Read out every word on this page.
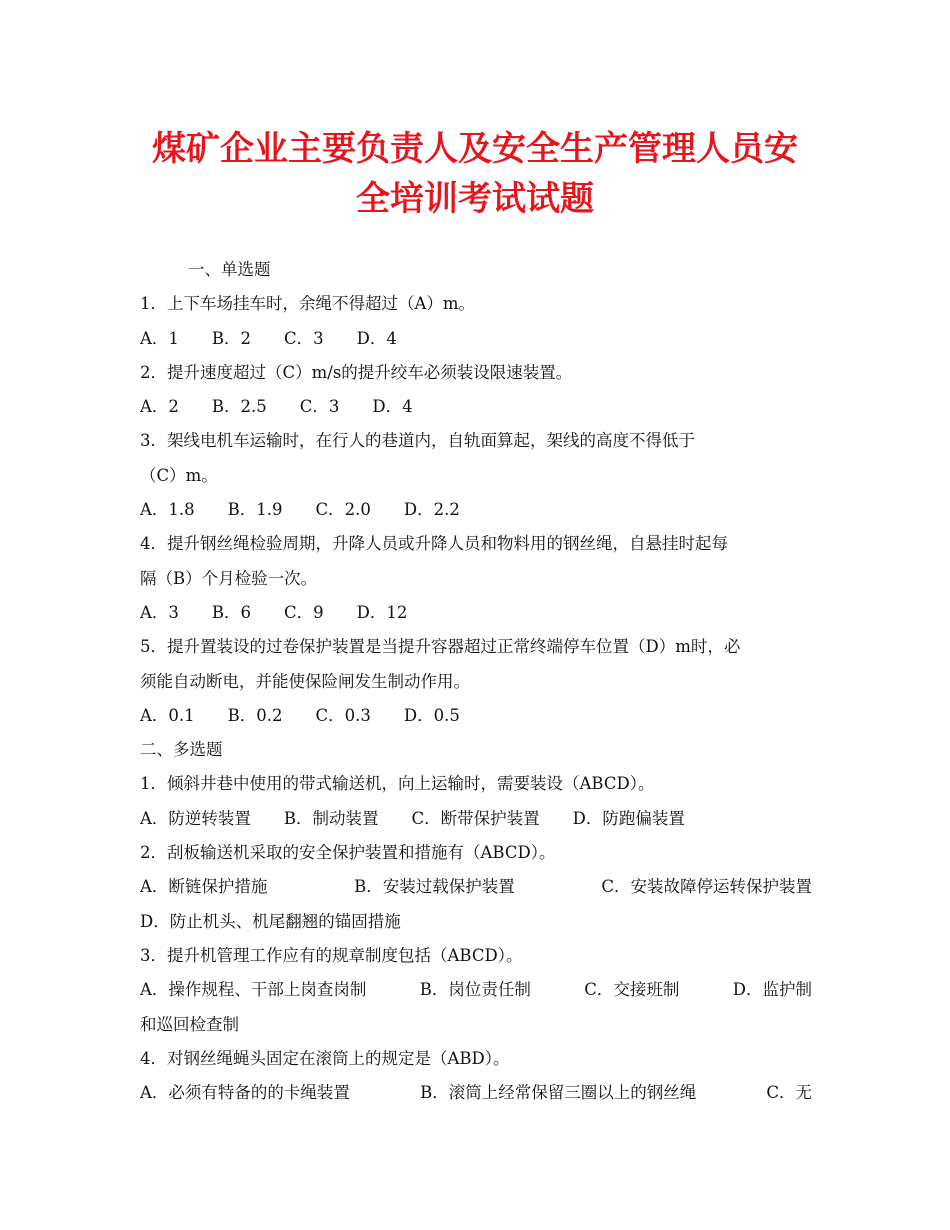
煤矿企业主要负责人及安全生产管理人员安
全培训考试试题
一、单选题
1．上下车场挂车时，余绳不得超过（A）m。
A．1　　B．2　　C．3　　D．4
2．提升速度超过（C）m/s的提升绞车必须装设限速装置。
A．2　　B．2.5　　C．3　　D．4
3．架线电机车运输时，在行人的巷道内，自轨面算起，架线的高度不得低于
（C）m。
A．1.8　　B．1.9　　C．2.0　　D．2.2
4．提升钢丝绳检验周期，升降人员或升降人员和物料用的钢丝绳，自悬挂时起每
隔（B）个月检验一次。
A．3　　B．6　　C．9　　D．12
5．提升置装设的过卷保护装置是当提升容器超过正常终端停车位置（D）m时，必
须能自动断电，并能使保险闸发生制动作用。
A．0.1　　B．0.2　　C．0.3　　D．0.5
二、多选题
1．倾斜井巷中使用的带式输送机，向上运输时，需要装设（ABCD）。
A．防逆转装置　　B．制动装置　　C．断带保护装置　　D．防跑偏装置
2．刮板输送机采取的安全保护装置和措施有（ABCD）。
A．断链保护措施	B．安装过载保护装置	C．安装故障停运转保护装置
D．防止机头、机尾翻翘的锚固措施
3．提升机管理工作应有的规章制度包括（ABCD）。
A．操作规程、干部上岗查岗制	B．岗位责任制	C．交接班制	D．监护制
和巡回检查制
4．对钢丝绳蝇头固定在滚筒上的规定是（ABD）。
A．必须有特备的的卡绳装置	B．滚筒上经常保留三圈以上的钢丝绳	C．无
